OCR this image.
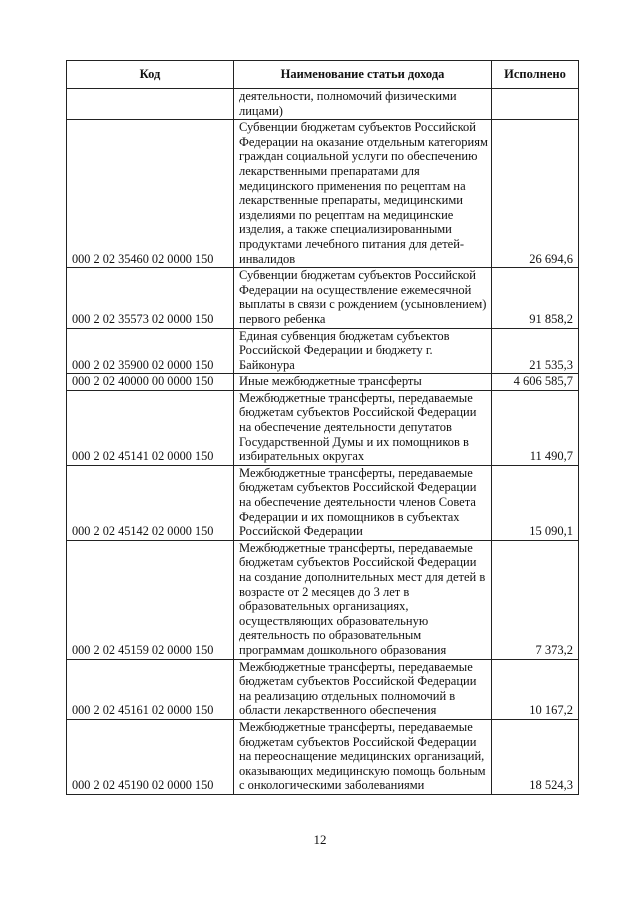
Код	Наименование статьи дохода	Исполнено
	деятельности, полномочий физическими лицами)	
000 2 02 35460 02 0000 150	Субвенции бюджетам субъектов Российской Федерации на оказание отдельным категориям граждан социальной услуги по обеспечению лекарственными препаратами для медицинского применения по рецептам на лекарственные препараты, медицинскими изделиями по рецептам на медицинские изделия, а также специализированными продуктами лечебного питания для детей-инвалидов	26 694,6
000 2 02 35573 02 0000 150	Субвенции бюджетам субъектов Российской Федерации на осуществление ежемесячной выплаты в связи с рождением (усыновлением) первого ребенка	91 858,2
000 2 02 35900 02 0000 150	Единая субвенция бюджетам субъектов Российской Федерации и бюджету г. Байконура	21 535,3
000 2 02 40000 00 0000 150	Иные межбюджетные трансферты	4 606 585,7
000 2 02 45141 02 0000 150	Межбюджетные трансферты, передаваемые бюджетам субъектов Российской Федерации на обеспечение деятельности депутатов Государственной Думы и их помощников в избирательных округах	11 490,7
000 2 02 45142 02 0000 150	Межбюджетные трансферты, передаваемые бюджетам субъектов Российской Федерации на обеспечение деятельности членов Совета Федерации и их помощников в субъектах Российской Федерации	15 090,1
000 2 02 45159 02 0000 150	Межбюджетные трансферты, передаваемые бюджетам субъектов Российской Федерации на создание дополнительных мест для детей в возрасте от 2 месяцев до 3 лет в образовательных организациях, осуществляющих образовательную деятельность по образовательным программам дошкольного образования	7 373,2
000 2 02 45161 02 0000 150	Межбюджетные трансферты, передаваемые бюджетам субъектов Российской Федерации на реализацию отдельных полномочий в области лекарственного обеспечения	10 167,2
000 2 02 45190 02 0000 150	Межбюджетные трансферты, передаваемые бюджетам субъектов Российской Федерации на переоснащение медицинских организаций, оказывающих медицинскую помощь больным с онкологическими заболеваниями	18 524,3
12
